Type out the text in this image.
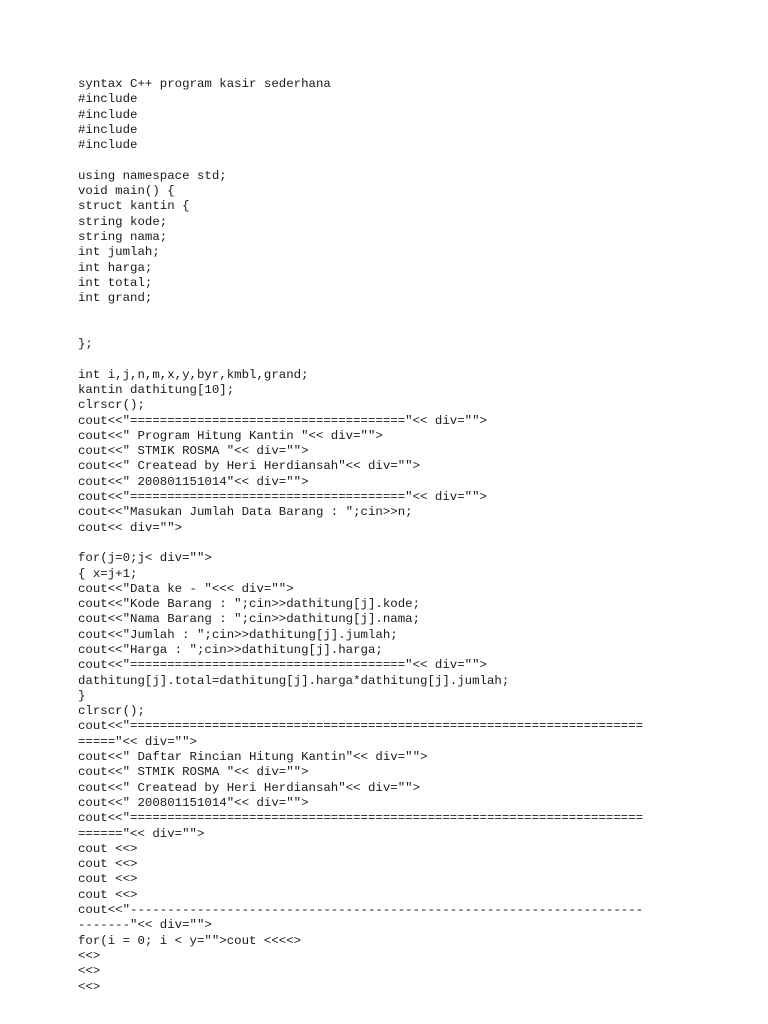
syntax C++ program kasir sederhana
#include
#include
#include
#include
using namespace std;
void main() {
struct kantin {
string kode;
string nama;
int jumlah;
int harga;
int total;
int grand;
};
int i,j,n,m,x,y,byr,kmbl,grand;
kantin dathitung[10];
clrscr();
cout<<"====================================="<< div="">
cout<<" Program Hitung Kantin "<< div="">
cout<<" STMIK ROSMA "<< div="">
cout<<" Createad by Heri Herdiansah"<< div="">
cout<<" 200801151014"<< div="">
cout<<"====================================="<< div="">
cout<<"Masukan Jumlah Data Barang : ";cin>>n;
cout<< div="">
for(j=0;j< div="">
{ x=j+1;
cout<<"Data ke - "<<< div="">
cout<<"Kode Barang : ";cin>>dathitung[j].kode;
cout<<"Nama Barang : ";cin>>dathitung[j].nama;
cout<<"Jumlah : ";cin>>dathitung[j].jumlah;
cout<<"Harga : ";cin>>dathitung[j].harga;
cout<<"====================================="<< div="">
dathitung[j].total=dathitung[j].harga*dathitung[j].jumlah;
}
clrscr();
cout<<"=====================================================================
====="<< div="">
cout<<" Daftar Rincian Hitung Kantin"<< div="">
cout<<" STMIK ROSMA "<< div="">
cout<<" Createad by Heri Herdiansah"<< div="">
cout<<" 200801151014"<< div="">
cout<<"=====================================================================
======"<< div="">
cout <<>
cout <<>
cout <<>
cout <<>
cout<<"---------------------------------------------------------------------
-------"<< div="">
for(i = 0; i < y="">cout <<<<>
<<>
<<>
<<>
